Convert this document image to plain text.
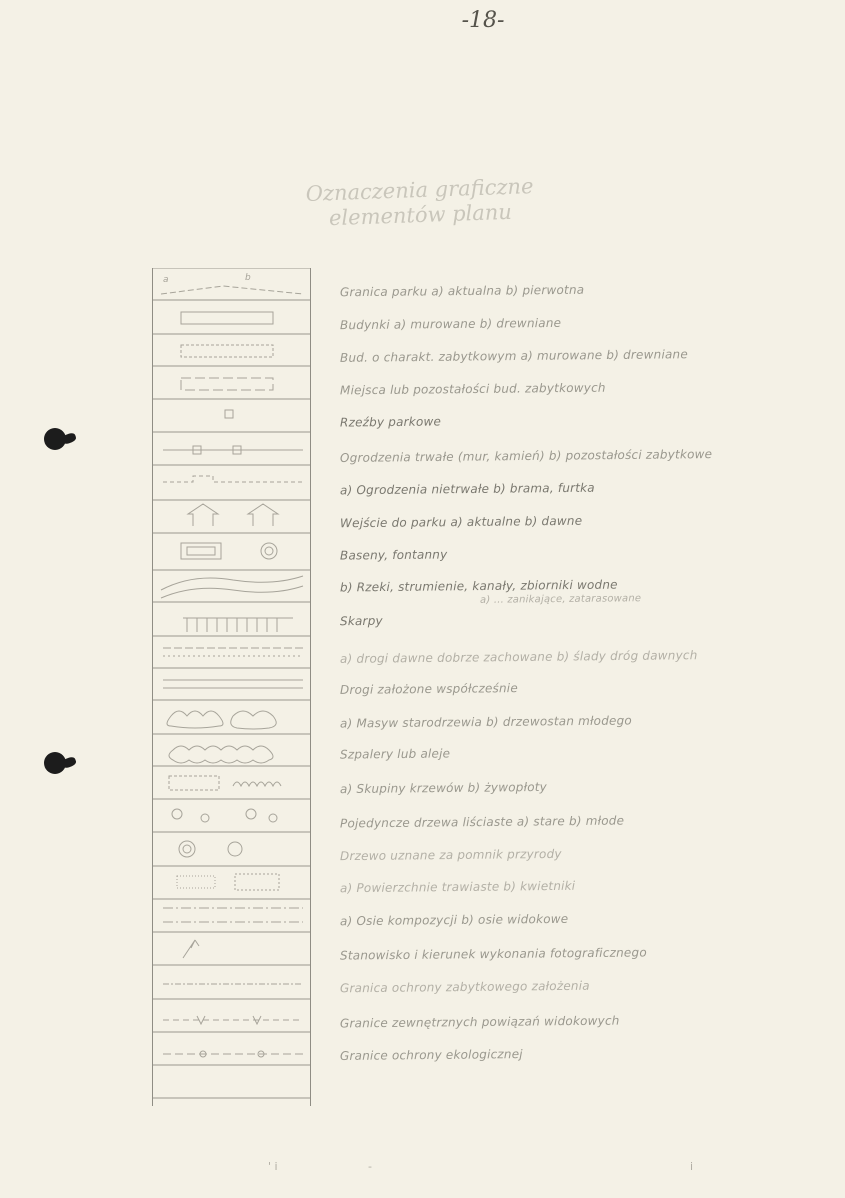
-18-
Oznaczenia graficzne
elementów planu
a	b
Granica parku a) aktualna b) pierwotna
Budynki a) murowane b) drewniane
Bud. o charakt. zabytkowym a) murowane b) drewniane
Miejsca lub pozostałości bud. zabytkowych
Rzeźby parkowe
Ogrodzenia trwałe (mur, kamień) b) pozostałości zabytkowe
a) Ogrodzenia nietrwałe b) brama, furtka
Wejście do parku a) aktualne b) dawne
Baseny, fontanny
b) Rzeki, strumienie, kanały, zbiorniki wodne
a) ... zanikające, zatarasowane
Skarpy
a) drogi dawne dobrze zachowane b) ślady dróg dawnych
Drogi założone współcześnie
a) Masyw starodrzewia b) drzewostan młodego
Szpalery lub aleje
a) Skupiny krzewów b) żywopłoty
Pojedyncze drzewa liściaste a) stare b) młode
Drzewo uznane za pomnik przyrody
a) Powierzchnie trawiaste b) kwietniki
a) Osie kompozycji b) osie widokowe
Stanowisko i kierunek wykonania fotograficznego
Granica ochrony zabytkowego założenia
Granice zewnętrznych powiązań widokowych
Granice ochrony ekologicznej
' i	-	i
